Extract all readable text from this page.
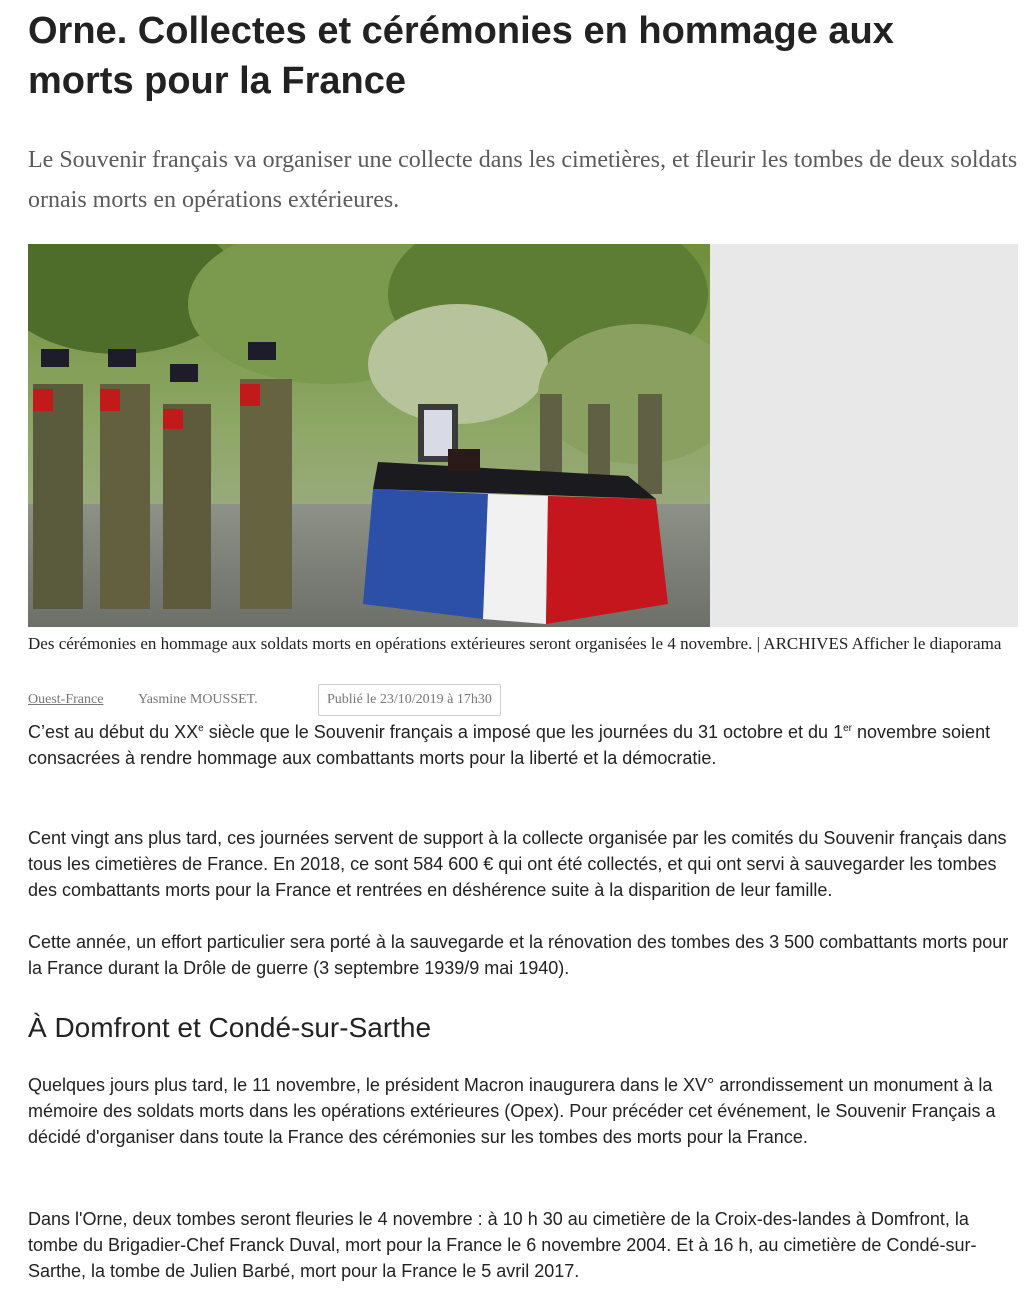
Orne. Collectes et cérémonies en hommage aux morts pour la France

Le Souvenir français va organiser une collecte dans les cimetières, et fleurir les tombes de deux soldats ornais morts en opérations extérieures.

Des cérémonies en hommage aux soldats morts en opérations extérieures seront organisées le 4 novembre. | ARCHIVES Afficher le diaporama
Ouest-France Yasmine MOUSSET.	Publié le 23/10/2019 à 17h30

C’est au début du XXe siècle que le Souvenir français a imposé que les journées du 31 octobre et du 1er novembre soient consacrées à rendre hommage aux combattants morts pour la liberté et la démocratie.

Cent vingt ans plus tard, ces journées servent de support à la collecte organisée par les comités du Souvenir français dans tous les cimetières de France. En 2018, ce sont 584 600 € qui ont été collectés, et qui ont servi à sauvegarder les tombes des combattants morts pour la France et rentrées en déshérence suite à la disparition de leur famille.

Cette année, un effort particulier sera porté à la sauvegarde et la rénovation des tombes des 3 500 combattants morts pour la France durant la Drôle de guerre (3 septembre 1939/9 mai 1940).

À Domfront et Condé-sur-Sarthe

Quelques jours plus tard, le 11 novembre, le président Macron inaugurera dans le XV° arrondissement un monument à la mémoire des soldats morts dans les opérations extérieures (Opex). Pour précéder cet événement, le Souvenir Français a décidé d'organiser dans toute la France des cérémonies sur les tombes des morts pour la France.

Dans l'Orne, deux tombes seront fleuries le 4 novembre : à 10 h 30 au cimetière de la Croix-des-landes à Domfront, la tombe du Brigadier-Chef Franck Duval, mort pour la France le 6 novembre 2004. Et à 16 h, au cimetière de Condé-sur-Sarthe, la tombe de Julien Barbé, mort pour la France le 5 avril 2017.
